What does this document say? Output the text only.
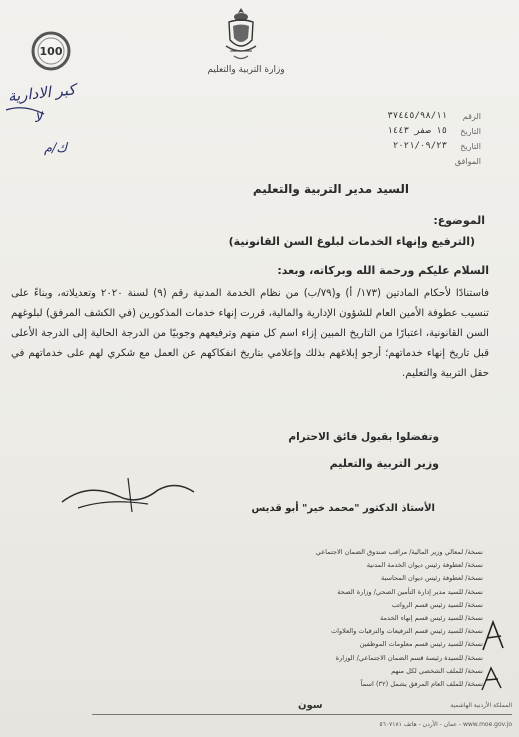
وزارة التربية والتعليم
100
كبر الادارية
لا
ك/م
الرقم
٣٧٤٤٥/٩٨/١١
التاريخ
١٥ صفر ١٤٤٣
التاريخ
٢٠٢١/٠٩/٢٣
الموافق
السيد مدير التربية والتعليم
الموضوع:
(الترفيع وإنهاء الخدمات لبلوغ السن القانونية)
السلام عليكم ورحمة الله وبركاته، وبعد:
فاستنادًا لأحكام المادتين (١٧٣/ أ) و(٧٩/ب) من نظام الخدمة المدنية رقم (٩) لسنة ٢٠٢٠ وتعديلاته، وبناءً على تنسيب عطوفة الأمين العام للشؤون الإدارية والمالية، قررت إنهاء خدمات المذكورين (في الكشف المرفق) لبلوغهم السن القانونية، اعتبارًا من التاريخ المبين إزاء اسم كل منهم وترفيعهم وجوبيًا من الدرجة الحالية إلى الدرجة الأعلى قبل تاريخ إنهاء خدماتهم؛ أرجو إبلاغهم بذلك وإعلامي بتاريخ انفكاكهم عن العمل مع شكري لهم على خدماتهم في حقل التربية والتعليم.
وتفضلوا بقبول فائق الاحترام
وزير التربية والتعليم
الأستاذ الدكتور "محمد خير" أبو قديس
نسخة/ لمعالي وزير المالية/ مراقب صندوق الضمان الاجتماعي
نسخة/ لعطوفة رئيس ديوان الخدمة المدنية
نسخة/ لعطوفة رئيس ديوان المحاسبة
نسخة/ للسيد مدير إدارة التأمين الصحي/ وزارة الصحة
نسخة/ للسيد رئيس قسم الرواتب
نسخة/ للسيد رئيس قسم إنهاء الخدمة
نسخة/ للسيد رئيس قسم الترفيعات والترقيات والعلاوات
نسخة/ للسيد رئيس قسم معلومات الموظفين
نسخة/ للسيدة رئيسة قسم الضمان الاجتماعي/ الوزارة
نسخة/ للملف الشخصي لكل منهم
نسخة/ للملف العام المرفق يشمل (٣٢) اسماً
المملكة الأردنية الهاشمية
سون
www.moe.gov.jo - عمان - الأردن - هاتف ٥٦٠٧١٨١
